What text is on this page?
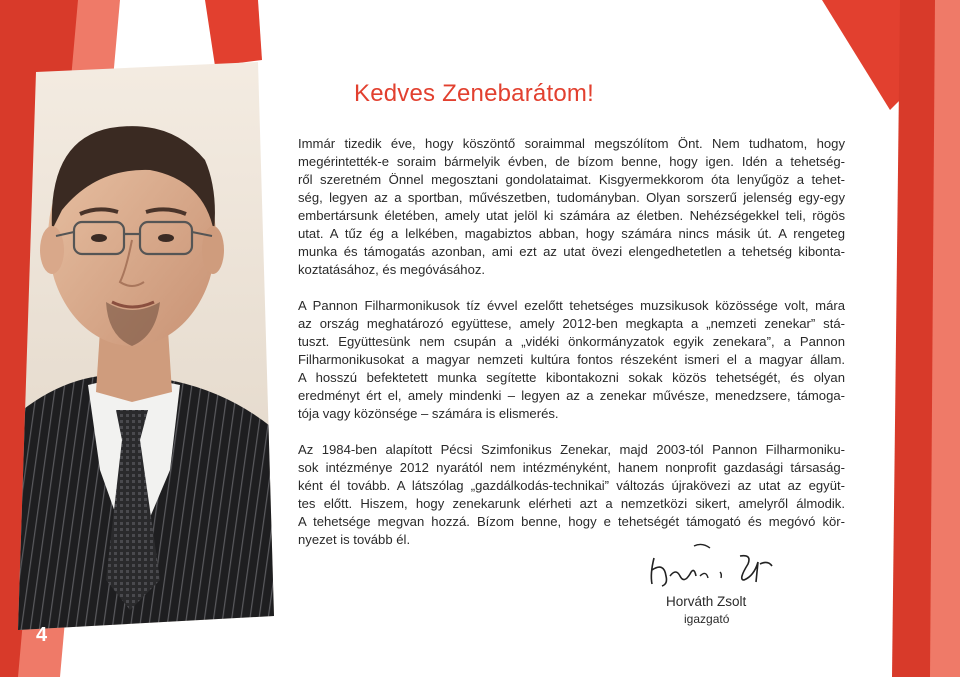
Kedves Zenebarátom!
Immár tizedik éve, hogy köszöntő soraimmal megszólítom Önt. Nem tudhatom, hogy
megérintették-e soraim bármelyik évben, de bízom benne, hogy igen. Idén a tehetség-
ről szeretném Önnel megosztani gondolataimat. Kisgyermekkorom óta lenyűgöz a tehet-
ség, legyen az a sportban, művészetben, tudományban. Olyan sorszerű jelenség egy-egy
embertársunk életében, amely utat jelöl ki számára az életben. Nehézségekkel teli, rögös
utat. A tűz ég a lelkében, magabiztos abban, hogy számára nincs másik út. A rengeteg
munka és támogatás azonban, ami ezt az utat övezi elengedhetetlen a tehetség kibonta-
koztatásához, és megóvásához.
A Pannon Filharmonikusok tíz évvel ezelőtt tehetséges muzsikusok közössége volt, mára
az ország meghatározó együttese, amely 2012-ben megkapta a „nemzeti zenekar” stá-
tuszt. Együttesünk nem csupán a „vidéki önkormányzatok egyik zenekara”, a Pannon
Filharmonikusokat a magyar nemzeti kultúra fontos részeként ismeri el a magyar állam.
A hosszú befektetett munka segítette kibontakozni sokak közös tehetségét, és olyan
eredményt ért el, amely mindenki – legyen az a zenekar művésze, menedzsere, támoga-
tója vagy közönsége – számára is elismerés.
Az 1984-ben alapított Pécsi Szimfonikus Zenekar, majd 2003-tól Pannon Filharmoniku-
sok intézménye 2012 nyarától nem intézményként, hanem nonprofit gazdasági társaság-
ként él tovább. A látszólag „gazdálkodás-technikai” változás újrakövezi az utat az együt-
tes előtt. Hiszem, hogy zenekarunk elérheti azt a nemzetközi sikert, amelyről álmodik.
A tehetsége megvan hozzá. Bízom benne, hogy e tehetségét támogató és megóvó kör-
nyezet is tovább él.
Horváth Zsolt
igazgató
4
